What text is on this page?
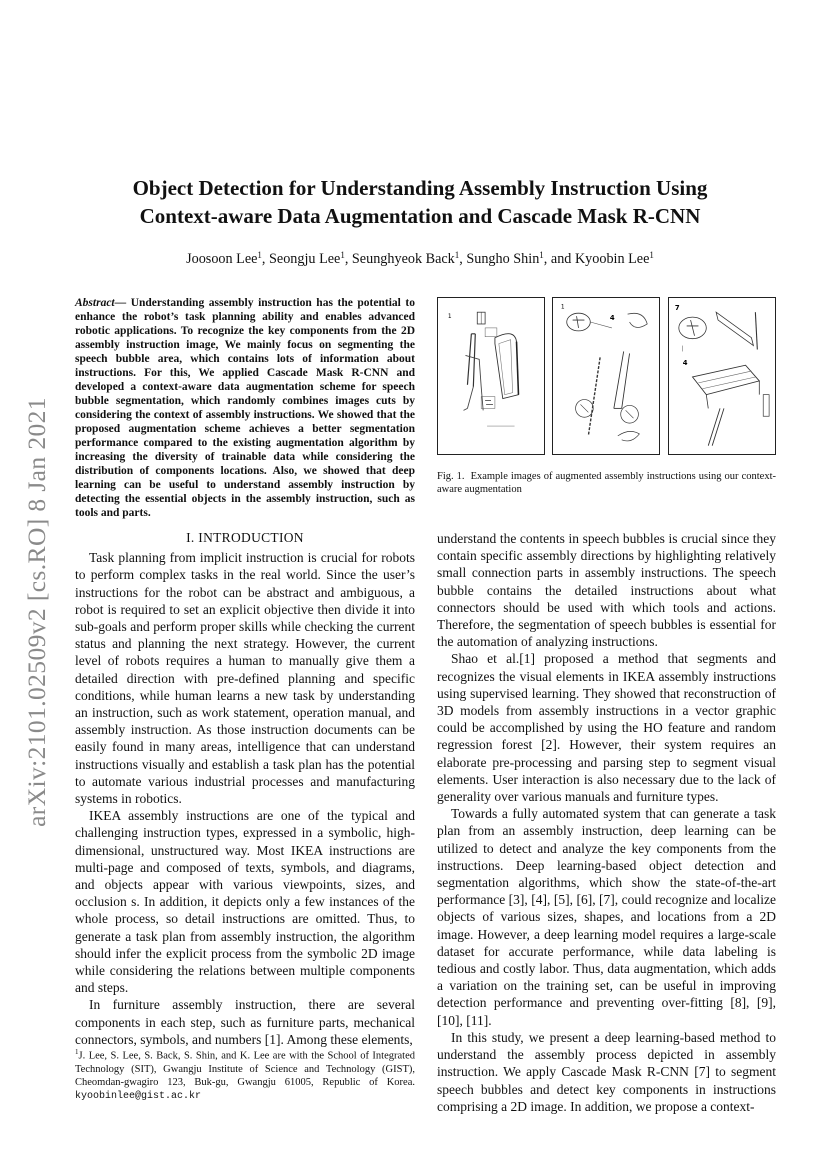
arXiv:2101.02509v2 [cs.RO] 8 Jan 2021
Object Detection for Understanding Assembly Instruction Using
Context-aware Data Augmentation and Cascade Mask R-CNN
Joosoon Lee$^1$, Seongju Lee$^1$, Seunghyeok Back$^1$, Sungho Shin$^1$, and Kyoobin Lee$^1$

Abstract— Understanding assembly instruction has the potential to enhance the robot’s task planning ability and enables advanced robotic applications. To recognize the key components from the 2D assembly instruction image, We mainly focus on segmenting the speech bubble area, which contains lots of information about instructions. For this, We applied Cascade Mask R-CNN and developed a context-aware data augmentation scheme for speech bubble segmentation, which randomly combines images cuts by considering the context of assembly instructions. We showed that the proposed augmentation scheme achieves a better segmentation performance compared to the existing augmentation algorithm by increasing the diversity of trainable data while considering the distribution of components locations. Also, we showed that deep learning can be useful to understand assembly instruction by detecting the essential objects in the assembly instruction, such as tools and parts.

I. INTRODUCTION

Task planning from implicit instruction is crucial for robots to perform complex tasks in the real world. Since the user’s instructions for the robot can be abstract and ambiguous, a robot is required to set an explicit objective then divide it into sub-goals and perform proper skills while checking the current status and planning the next strategy. However, the current level of robots requires a human to manually give them a detailed direction with pre-defined planning and specific conditions, while human learns a new task by understanding an instruction, such as work statement, operation manual, and assembly instruction. As those instruction documents can be easily found in many areas, intelligence that can understand instructions visually and establish a task plan has the potential to automate various industrial processes and manufacturing systems in robotics.

IKEA assembly instructions are one of the typical and challenging instruction types, expressed in a symbolic, high-dimensional, unstructured way. Most IKEA instructions are multi-page and composed of texts, symbols, and diagrams, and objects appear with various viewpoints, sizes, and occlusion s. In addition, it depicts only a few instances of the whole process, so detail instructions are omitted. Thus, to generate a task plan from assembly instruction, the algorithm should infer the explicit process from the symbolic 2D image while considering the relations between multiple components and steps.

In furniture assembly instruction, there are several components in each step, such as furniture parts, mechanical connectors, symbols, and numbers [1]. Among these elements,

$^1$J. Lee, S. Lee, S. Back, S. Shin, and K. Lee are with the School of Integrated Technology (SIT), Gwangju Institute of Science and Technology (GIST), Cheomdan-gwagiro 123, Buk-gu, Gwangju 61005, Republic of Korea. kyoobinlee@gist.ac.kr
1
1
4
7
4
Fig. 1. Example images of augmented assembly instructions using our context-aware augmentation

understand the contents in speech bubbles is crucial since they contain specific assembly directions by highlighting relatively small connection parts in assembly instructions. The speech bubble contains the detailed instructions about what connectors should be used with which tools and actions. Therefore, the segmentation of speech bubbles is essential for the automation of analyzing instructions.

Shao et al.[1] proposed a method that segments and recognizes the visual elements in IKEA assembly instructions using supervised learning. They showed that reconstruction of 3D models from assembly instructions in a vector graphic could be accomplished by using the HO feature and random regression forest [2]. However, their system requires an elaborate pre-processing and parsing step to segment visual elements. User interaction is also necessary due to the lack of generality over various manuals and furniture types.

Towards a fully automated system that can generate a task plan from an assembly instruction, deep learning can be utilized to detect and analyze the key components from the instructions. Deep learning-based object detection and segmentation algorithms, which show the state-of-the-art performance [3], [4], [5], [6], [7], could recognize and localize objects of various sizes, shapes, and locations from a 2D image. However, a deep learning model requires a large-scale dataset for accurate performance, while data labeling is tedious and costly labor. Thus, data augmentation, which adds a variation on the training set, can be useful in improving detection performance and preventing over-fitting [8], [9], [10], [11].

In this study, we present a deep learning-based method to understand the assembly process depicted in assembly instruction. We apply Cascade Mask R-CNN [7] to segment speech bubbles and detect key components in instructions comprising a 2D image. In addition, we propose a context-
